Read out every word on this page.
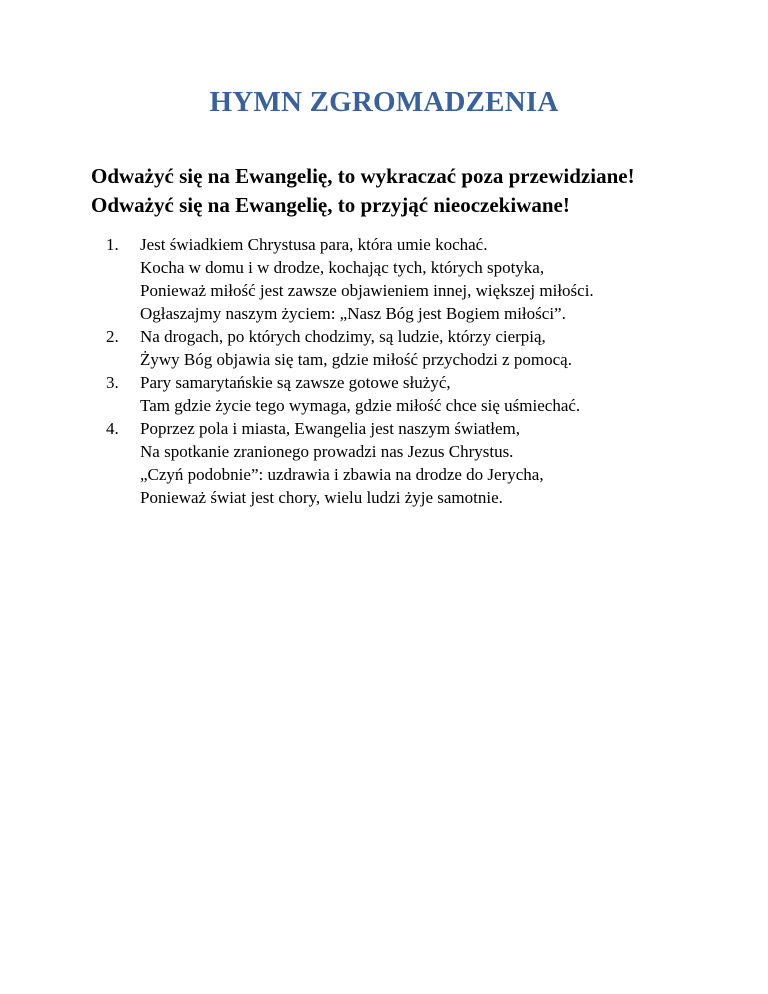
HYMN ZGROMADZENIA
Odważyć się na Ewangelię, to wykraczać poza przewidziane!
Odważyć się na Ewangelię, to przyjąć nieoczekiwane!
1.	Jest świadkiem Chrystusa para, która umie kochać.
Kocha w domu i w drodze, kochając tych, których spotyka,
Ponieważ miłość jest zawsze objawieniem innej, większej miłości.
Ogłaszajmy naszym życiem: „Nasz Bóg jest Bogiem miłości”.
2.	Na drogach, po których chodzimy, są ludzie, którzy cierpią,
Żywy Bóg objawia się tam, gdzie miłość przychodzi z pomocą.
3.	Pary samarytańskie są zawsze gotowe służyć,
Tam gdzie życie tego wymaga, gdzie miłość chce się uśmiechać.
4.	Poprzez pola i miasta, Ewangelia jest naszym światłem,
Na spotkanie zranionego prowadzi nas Jezus Chrystus.
„Czyń podobnie”: uzdrawia i zbawia na drodze do Jerycha,
Ponieważ świat jest chory, wielu ludzi żyje samotnie.
